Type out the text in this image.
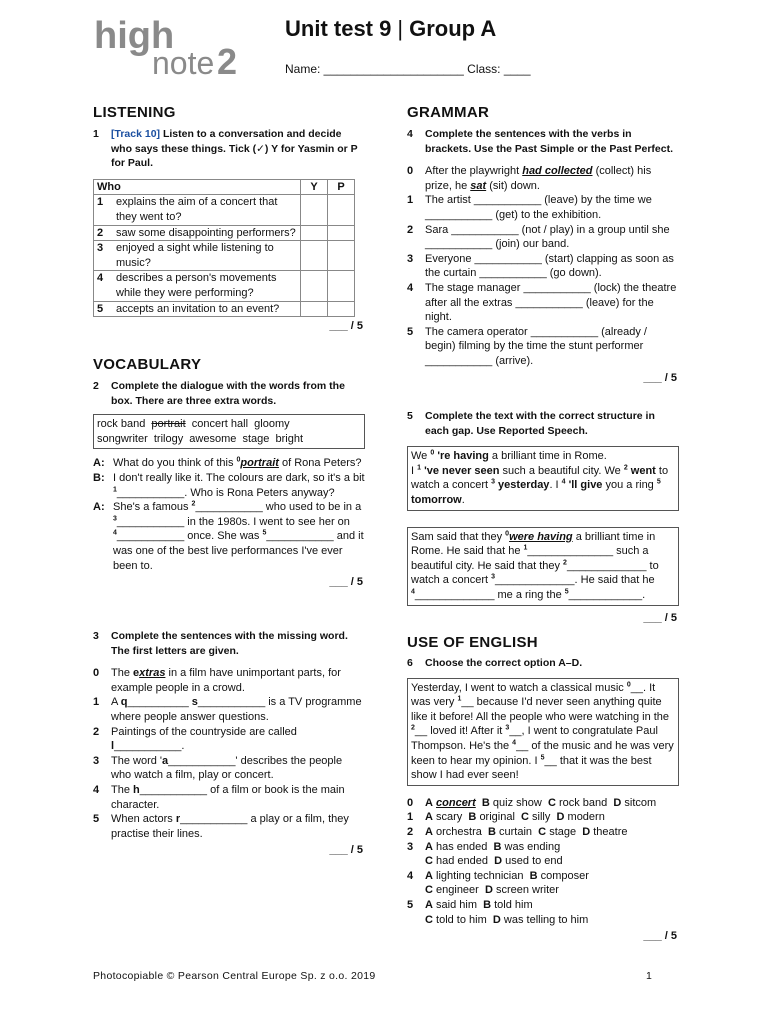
high
note 2
Unit test 9 | Group A
Name: _____________________ Class: ____
LISTENING
1	[Track 10] Listen to a conversation and decide who says these things. Tick (✓) Y for Yasmin or P for Paul.
Who	Y	P

1 explains the aim of a concert that they went to?		

2 saw some disappointing performers?		

3 enjoyed a sight while listening to music?		

4 describes a person's movements while they were performing?		

5 accepts an invitation to an event?		

___ / 5
VOCABULARY
2	Complete the dialogue with the words from the box. There are three extra words.
rock band  portrait  concert hall  gloomy
songwriter  trilogy  awesome  stage  bright
A: What do you think of this $^0$portrait of Rona Peters?
B: I don't really like it. The colours are dark, so it's a bit $^1$___________. Who is Rona Peters anyway?
A: She's a famous $^2$___________ who used to be in a $^3$___________ in the 1980s. I went to see her on $^4$___________ once. She was $^5$___________ and it was one of the best live performances I've ever been to.
___ / 5
3	Complete the sentences with the missing word. The first letters are given.
0	The extras in a film have unimportant parts, for example people in a crowd.
1	A q__________ s___________ is a TV programme where people answer questions.
2	Paintings of the countryside are called l___________.
3	The word 'a___________' describes the people who watch a film, play or concert.
4	The h___________ of a film or book is the main character.
5	When actors r___________ a play or a film, they practise their lines.
___ / 5
GRAMMAR
4	Complete the sentences with the verbs in brackets. Use the Past Simple or the Past Perfect.
0	After the playwright had collected (collect) his prize, he sat (sit) down.
1	The artist ___________ (leave) by the time we ___________ (get) to the exhibition.
2	Sara ___________ (not / play) in a group until she ___________ (join) our band.
3	Everyone ___________ (start) clapping as soon as the curtain ___________ (go down).
4	The stage manager ___________ (lock) the theatre after all the extras ___________ (leave) for the night.
5	The camera operator ___________ (already / begin) filming by the time the stunt performer ___________ (arrive).
___ / 5
5	Complete the text with the correct structure in each gap. Use Reported Speech.
We $^0$ 're having a brilliant time in Rome.
I $^1$ 've never seen such a beautiful city. We $^2$ went to watch a concert $^3$ yesterday. I $^4$ 'll give you a ring $^5$ tomorrow.
Sam said that they $^0$were having a brilliant time in Rome. He said that he $^1$______________ such a beautiful city. He said that they $^2$_____________ to watch a concert $^3$_____________. He said that he $^4$_____________ me a ring the $^5$____________.
___ / 5
USE OF ENGLISH
6	Choose the correct option A–D.
Yesterday, I went to watch a classical music $^0$__. It was very $^1$__ because I'd never seen anything quite like it before! All the people who were watching in the $^2$__ loved it! After it $^3$__, I went to congratulate Paul Thompson. He's the $^4$__ of the music and he was very keen to hear my opinion. I $^5$__ that it was the best show I had ever seen!
0	A concert B quiz show C rock band D sitcom
1	A scary B original C silly D modern
2	A orchestra B curtain C stage D theatre
3	A has ended B was ending
C had ended D used to end
4	A lighting technician B composer
C engineer D screen writer
5	A said him B told him
C told to him D was telling to him
___ / 5
Photocopiable © Pearson Central Europe Sp. z o.o. 2019	1
